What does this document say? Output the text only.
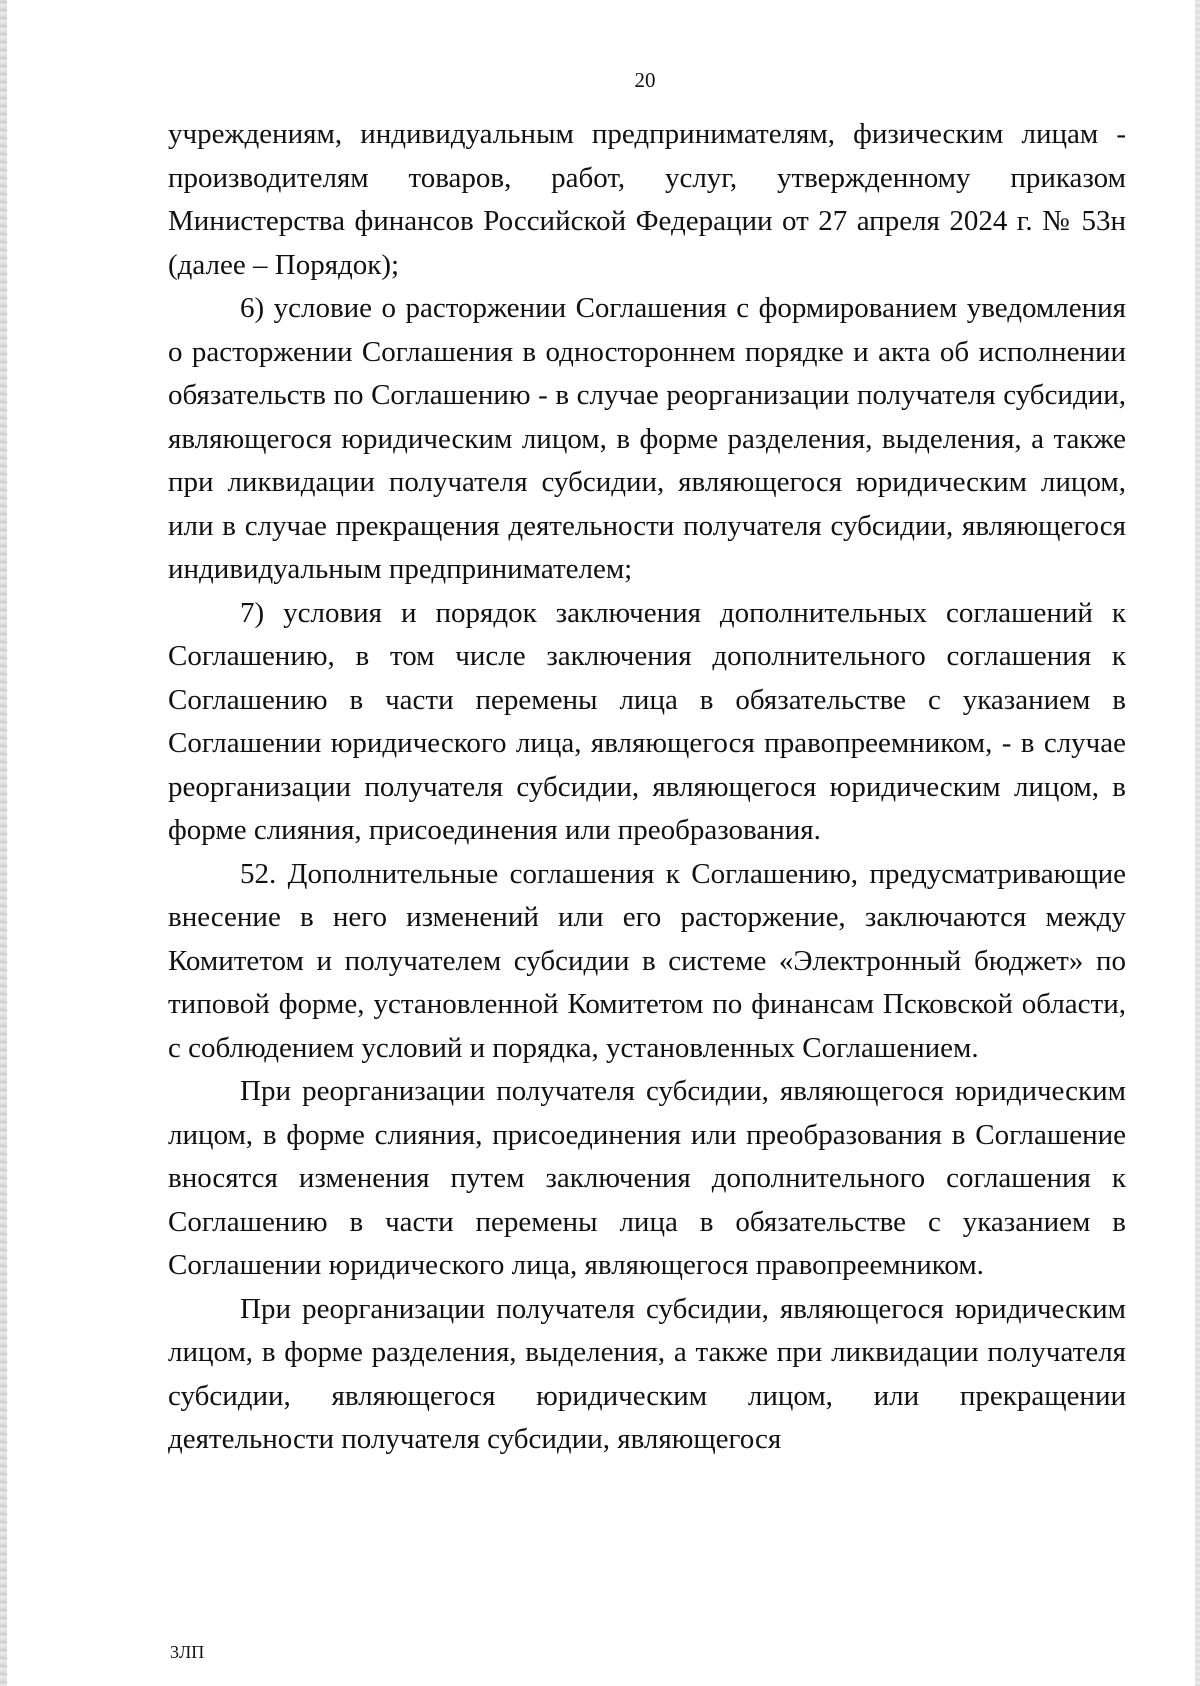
20

учреждениям, индивидуальным предпринимателям, физическим лицам - производителям товаров, работ, услуг, утвержденному приказом Министерства финансов Российской Федерации от 27 апреля 2024 г. № 53н (далее – Порядок);

6) условие о расторжении Соглашения с формированием уведомления о расторжении Соглашения в одностороннем порядке и акта об исполнении обязательств по Соглашению - в случае реорганизации получателя субсидии, являющегося юридическим лицом, в форме разделения, выделения, а также при ликвидации получателя субсидии, являющегося юридическим лицом, или в случае прекращения деятельности получателя субсидии, являющегося индивидуальным предпринимателем;

7) условия и порядок заключения дополнительных соглашений к Соглашению, в том числе заключения дополнительного соглашения к Соглашению в части перемены лица в обязательстве с указанием в Соглашении юридического лица, являющегося правопреемником, - в случае реорганизации получателя субсидии, являющегося юридическим лицом, в форме слияния, присоединения или преобразования.

52. Дополнительные соглашения к Соглашению, предусматривающие внесение в него изменений или его расторжение, заключаются между Комитетом и получателем субсидии в системе «Электронный бюджет» по типовой форме, установленной Комитетом по финансам Псковской области, с соблюдением условий и порядка, установленных Соглашением.

При реорганизации получателя субсидии, являющегося юридическим лицом, в форме слияния, присоединения или преобразования в Соглашение вносятся изменения путем заключения дополнительного соглашения к Соглашению в части перемены лица в обязательстве с указанием в Соглашении юридического лица, являющегося правопреемником.

При реорганизации получателя субсидии, являющегося юридическим лицом, в форме разделения, выделения, а также при ликвидации получателя субсидии, являющегося юридическим лицом, или прекращении деятельности получателя субсидии, являющегося

3ЛП
